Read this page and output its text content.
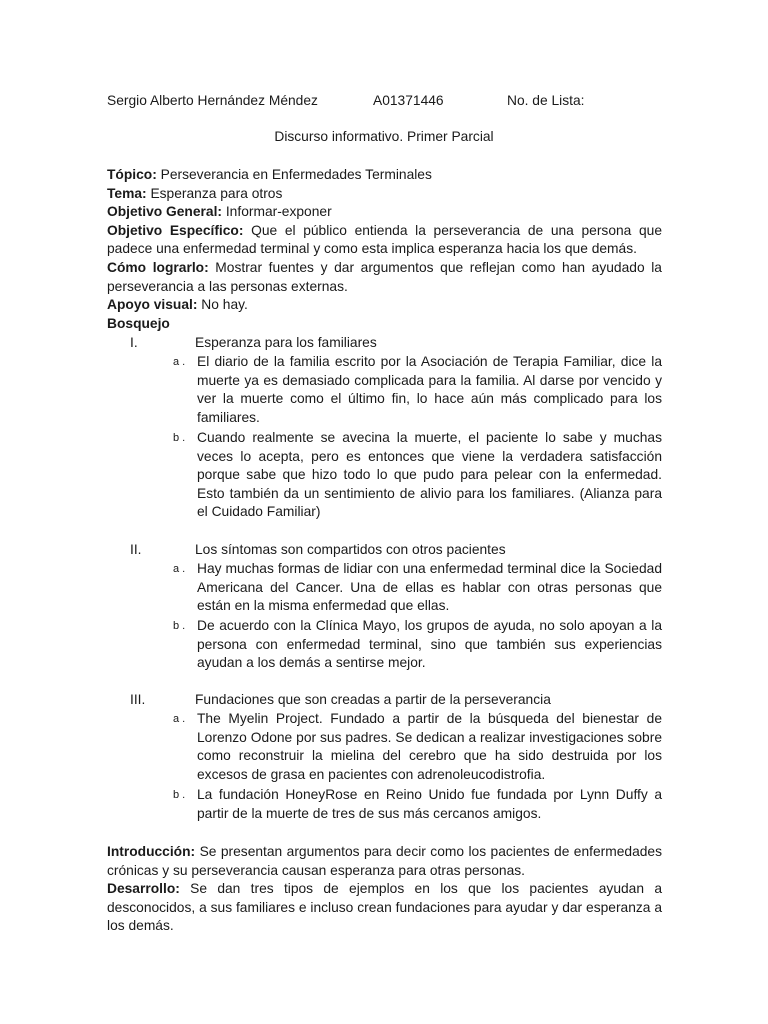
Sergio Alberto Hernández Méndez	A01371446	No. de Lista:
Discurso informativo. Primer Parcial

Tópico: Perseverancia en Enfermedades Terminales

Tema: Esperanza para otros

Objetivo General: Informar-exponer

Objetivo Específico: Que el público entienda la perseverancia de una persona que padece una enfermedad terminal y como esta implica esperanza hacia los que demás.

Cómo lograrlo: Mostrar fuentes y dar argumentos que reflejan como han ayudado la perseverancia a las personas externas.

Apoyo visual: No hay.

Bosquejo

I.	Esperanza para los familiares
a . El diario de la familia escrito por la Asociación de Terapia Familiar, dice la muerte ya es demasiado complicada para la familia. Al darse por vencido y ver la muerte como el último fin, lo hace aún más complicado para los familiares.
b . Cuando realmente se avecina la muerte, el paciente lo sabe y muchas veces lo acepta, pero es entonces que viene la verdadera satisfacción porque sabe que hizo todo lo que pudo para pelear con la enfermedad. Esto también da un sentimiento de alivio para los familiares. (Alianza para el Cuidado Familiar)
II.	Los síntomas son compartidos con otros pacientes
a . Hay muchas formas de lidiar con una enfermedad terminal dice la Sociedad Americana del Cancer. Una de ellas es hablar con otras personas que están en la misma enfermedad que ellas.
b . De acuerdo con la Clínica Mayo, los grupos de ayuda, no solo apoyan a la persona con enfermedad terminal, sino que también sus experiencias ayudan a los demás a sentirse mejor.
III.	Fundaciones que son creadas a partir de la perseverancia
a . The Myelin Project. Fundado a partir de la búsqueda del bienestar de Lorenzo Odone por sus padres. Se dedican a realizar investigaciones sobre como reconstruir la mielina del cerebro que ha sido destruida por los excesos de grasa en pacientes con adrenoleucodistrofia.
b . La fundación HoneyRose en Reino Unido fue fundada por Lynn Duffy a partir de la muerte de tres de sus más cercanos amigos.

Introducción: Se presentan argumentos para decir como los pacientes de enfermedades crónicas y su perseverancia causan esperanza para otras personas.

Desarrollo: Se dan tres tipos de ejemplos en los que los pacientes ayudan a desconocidos, a sus familiares e incluso crean fundaciones para ayudar y dar esperanza a los demás.
